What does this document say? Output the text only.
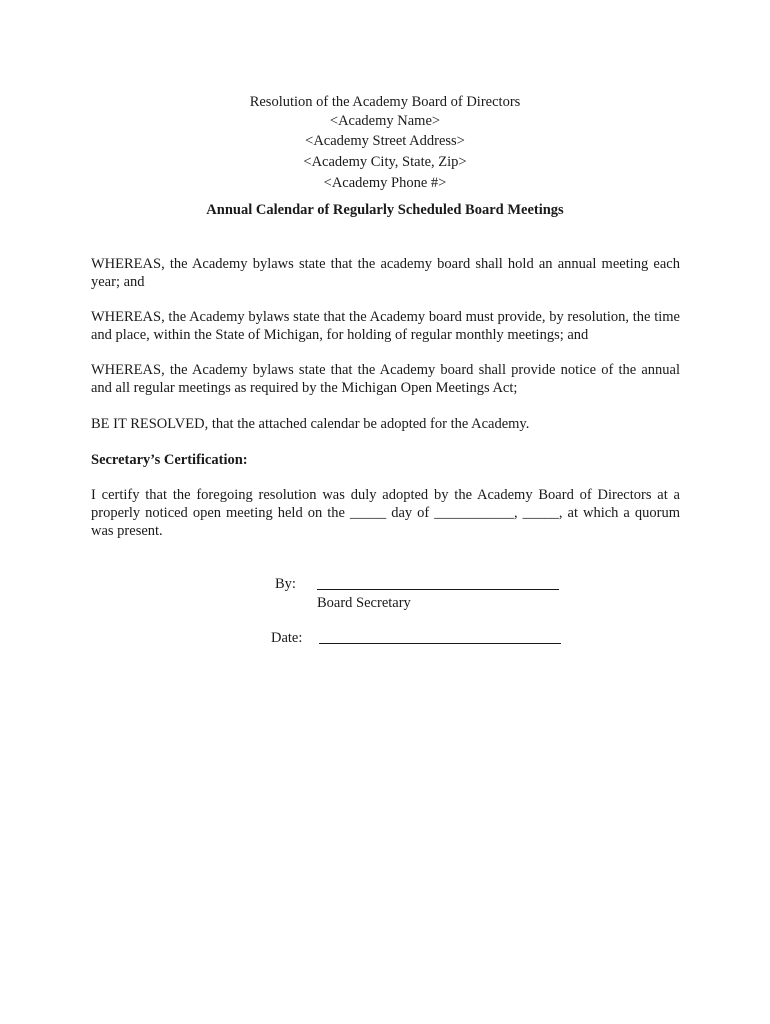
Resolution of the Academy Board of Directors
<Academy Name>
<Academy Street Address>
<Academy City, State, Zip>
<Academy Phone #>
Annual Calendar of Regularly Scheduled Board Meetings
WHEREAS, the Academy bylaws state that the academy board shall hold an annual meeting each year; and
WHEREAS, the Academy bylaws state that the Academy board must provide, by resolution, the time and place, within the State of Michigan, for holding of regular monthly meetings; and
WHEREAS, the Academy bylaws state that the Academy board shall provide notice of the annual and all regular meetings as required by the Michigan Open Meetings Act;
BE IT RESOLVED, that the attached calendar be adopted for the Academy.
Secretary’s Certification:
I certify that the foregoing resolution was duly adopted by the Academy Board of Directors at a properly noticed open meeting held on the _____ day of ___________, _____, at which a quorum was present.
By:
Board Secretary
Date:
